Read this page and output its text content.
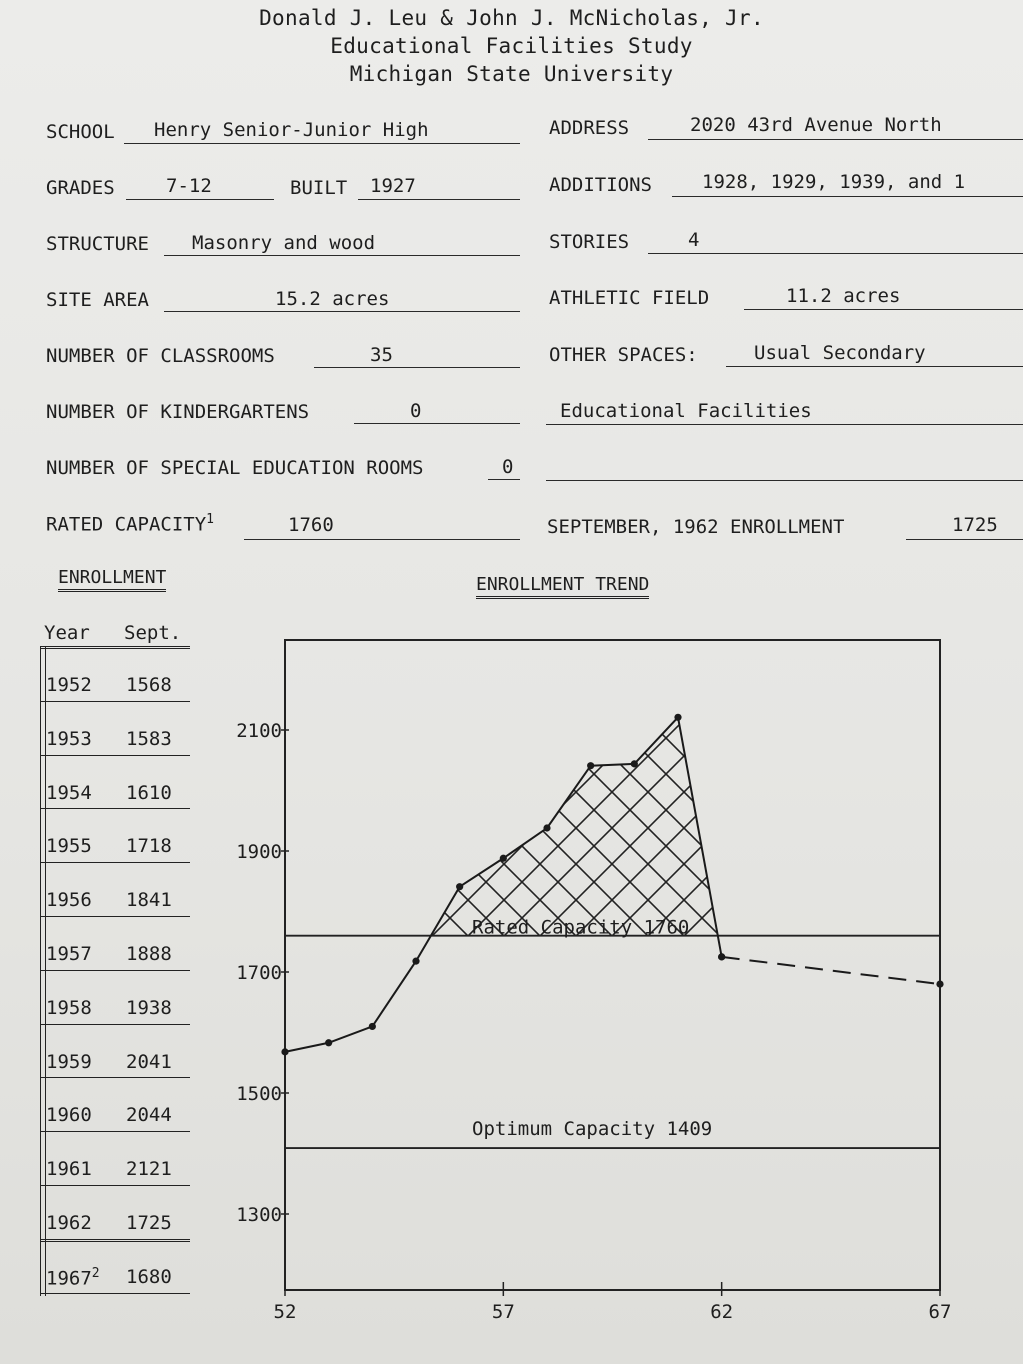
Donald J. Leu & John J. McNicholas, Jr.
Educational Facilities Study
Michigan State University
SCHOOL Henry Senior-Junior High	ADDRESS	2020 43rd Avenue North
GRADES	7-12	BUILT 1927	ADDITIONS	1928, 1929, 1939, and 1
STRUCTURE Masonry and wood	STORIES	4
SITE AREA	15.2 acres	ATHLETIC FIELD	11.2 acres
NUMBER OF CLASSROOMS	35	OTHER SPACES:	Usual Secondary
NUMBER OF KINDERGARTENS	0	Educational Facilities
NUMBER OF SPECIAL EDUCATION ROOMS	0
RATED CAPACITY$^1$	1760	SEPTEMBER, 1962 ENROLLMENT	1725
ENROLLMENT
Year Sept.
1952 1568
1953 1583
1954 1610
1955 1718
1956 1841
1957 1888
1958 1938
1959 2041
1960 2044
1961 2121
1962 1725
1967$^2$ 1680
ENROLLMENT TREND
Rated Capacity 1760
Optimum Capacity 1409
1300
1500
1700
1900
2100
52	57	62	67
